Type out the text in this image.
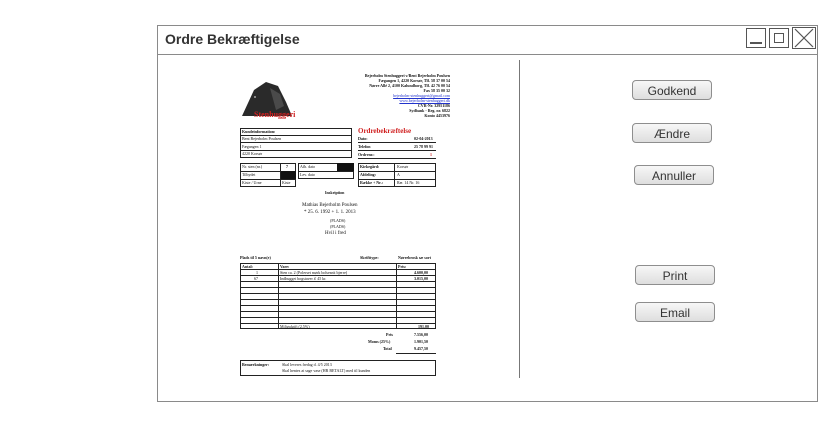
Ordre Bekræftigelse
Stenhuggeri
Bejerholm Stenhuggeri v/Bent Bejerholm Poulsen
Fægangen 1, 4220 Korsør, Tlf. 58 37 00 54
Nørre Allé 2, 4100 Kalundborg, Tlf. 42 76 00 54
Fax 58 35 00 32
bejerholm-stenhuggeri@gmail.com
www.bejerholm-stenhuggeri.dk
CVR-Nr. 32951186
Sydbank - Reg. nr. 6822
Konto 4453976
Kundeinformation:
Bent Bejerholm Poulsen
Fægangen 1
4220 Korsør
Ordrebekræftelse
Dato:	02-04-2013
Telefon	25 78 99 91
Ordrenr.:	1
Nr. sten (nr.)	7
Tilbydet
Kiste / Urne	Kiste
Afh. dato
Lev. dato
Kirkegård:	Korsør
Afdeling:	A
Række + Nr.:	Ræ. 14 Nr. 16
Inskription
Mathias Bejerholm Poulsen
* 25. 6. 1992 + 1. 1. 2013
(PLADS)
(PLADS)
Hvil i fred
Plads til 5 navn(e)	Skrifttype:	Nørrebrosk sæ sort
Antal:	Vare:	Pris:
1	Sten ca. 2 (Polerset mørk bolsesnit bjerre)	4.600,00
67	Indhugget bogstaver á' 45 kr.	3.015,00
Miljøafgift (2,5%)	191,00
Pris	7.556,00
Moms (25%)	1.901,50
Total	9.457,50
Bemærkninger:	Skal leveres fredag d. 4/5 2013
Skal hentes at sage vase (HR BETALT) med til kunden
Godkend
Ændre
Annuller
Print
Email
